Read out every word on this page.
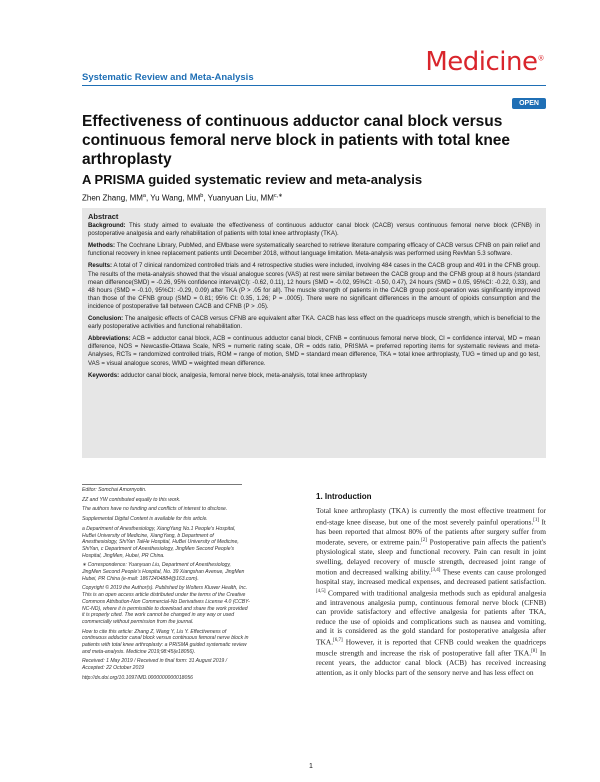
Systematic Review and Meta-Analysis
Medicine®
OPEN
Effectiveness of continuous adductor canal block versus continuous femoral nerve block in patients with total knee arthroplasty
A PRISMA guided systematic review and meta-analysis
Zhen Zhang, $MM^a$, Yu Wang, $MM^b$, Yuanyuan Liu, $MM^{c,∗}$
Abstract

Background: This study aimed to evaluate the effectiveness of continuous adductor canal block (CACB) versus continuous femoral nerve block (CFNB) in postoperative analgesia and early rehabilitation of patients with total knee arthroplasty (TKA).

Methods: The Cochrane Library, PubMed, and EMbase were systematically searched to retrieve literature comparing efficacy of CACB versus CFNB on pain relief and functional recovery in knee replacement patients until December 2018, without language limitation. Meta-analysis was performed using RevMan 5.3 software.

Results: A total of 7 clinical randomized controlled trials and 4 retrospective studies were included, involving 484 cases in the CACB group and 491 in the CFNB group. The results of the meta-analysis showed that the visual analogue scores (VAS) at rest were similar between the CACB group and the CFNB group at 8 hours (standard mean difference(SMD) = -0.26, 95% confidence interval(CI): -0.62, 0.11), 12 hours (SMD = -0.02, 95%CI: -0.50, 0.47), 24 hours (SMD = 0.05, 95%CI: -0.22, 0.33), and 48 hours (SMD = -0.10, 95%CI: -0.29, 0.09) after TKA (P > .05 for all). The muscle strength of patients in the CACB group post-operation was significantly improved than those of the CFNB group (SMD = 0.81; 95% CI: 0.35, 1.26; P = .0005). There were no significant differences in the amount of opioids consumption and the incidence of postoperative fall between CACB and CFNB (P > .05).

Conclusion: The analgesic effects of CACB versus CFNB are equivalent after TKA. CACB has less effect on the quadriceps muscle strength, which is beneficial to the early postoperative activities and functional rehabilitation.

Abbreviations: ACB = adductor canal block, ACB = continuous adductor canal block, CFNB = continuous femoral nerve block, CI = confidence interval, MD = mean difference, NOS = Newcastle-Ottawa Scale, NRS = numeric rating scale, OR = odds ratio, PRISMA = preferred reporting items for systematic reviews and meta-Analyses, RCTs = randomized controlled trials, ROM = range of motion, SMD = standard mean difference, TKA = total knee arthroplasty, TUG = timed up and go test, VAS = visual analogue scores, WMD = weighted mean difference.

Keywords: adductor canal block, analgesia, femoral nerve block, meta-analysis, total knee arthroplasty

Editor: Somchai Amornyotin.

ZZ and YW contributed equally to this work.

The authors have no funding and conflicts of interest to disclose.

Supplemental Digital Content is available for this article.

a Department of Anesthesiology, XiangYang No.1 People's Hospital, HuBei University of Medicine, XiangYang, b Department of Anesthesiology, ShiYan TaiHe Hospital, HuBei University of Medicine, ShiYan, c Department of Anesthesiology, JingMen Second People's Hospital, JingMen, Hubei, PR China.

∗ Correspondence: Yuanyuan Liu, Department of Anesthesiology, JingMen Second People's Hospital, No. 39 Xiangshan Avenue, JingMen Hubei, PR China (e-mail: 18672404884@163.com).

Copyright © 2019 the Author(s). Published by Wolters Kluwer Health, Inc. This is an open access article distributed under the terms of the Creative Commons Attribution-Non Commercial-No Derivatives License 4.0 (CCBY-NC-ND), where it is permissible to download and share the work provided it is properly cited. The work cannot be changed in any way or used commercially without permission from the journal.

How to cite this article: Zhang Z, Wang Y, Liu Y. Effectiveness of continuous adductor canal block versus continuous femoral nerve block in patients with total knee arthroplasty: a PRISMA guided systematic review and meta-analysis. Medicine 2019;98:45(e18056).

Received: 1 May 2019 / Received in final form: 31 August 2019 / Accepted: 22 October 2019

http://dx.doi.org/10.1097/MD.0000000000018056

1. Introduction
Total knee arthroplasty (TKA) is currently the most effective treatment for end-stage knee disease, but one of the most severely painful operations.[1] It has been reported that almost 80% of the patients after surgery suffer from moderate, severe, or extreme pain.[2] Postoperative pain affects the patient's physiological state, sleep and functional recovery. Pain can result in joint swelling, delayed recovery of muscle strength, decreased joint range of motion and decreased walking ability.[3,4] These events can cause prolonged hospital stay, increased medical expenses, and decreased patient satisfaction.[4,5] Compared with traditional analgesia methods such as epidural analgesia and intravenous analgesia pump, continuous femoral nerve block (CFNB) can provide satisfactory and effective analgesia for patients after TKA, reduce the use of opioids and complications such as nausea and vomiting, and it is considered as the gold standard for postoperative analgesia after TKA.[6,7] However, it is reported that CFNB could weaken the quadriceps muscle strength and increase the risk of postoperative fall after TKA.[8] In recent years, the adductor canal block (ACB) has received increasing attention, as it only blocks part of the sensory nerve and has less effect on
1
